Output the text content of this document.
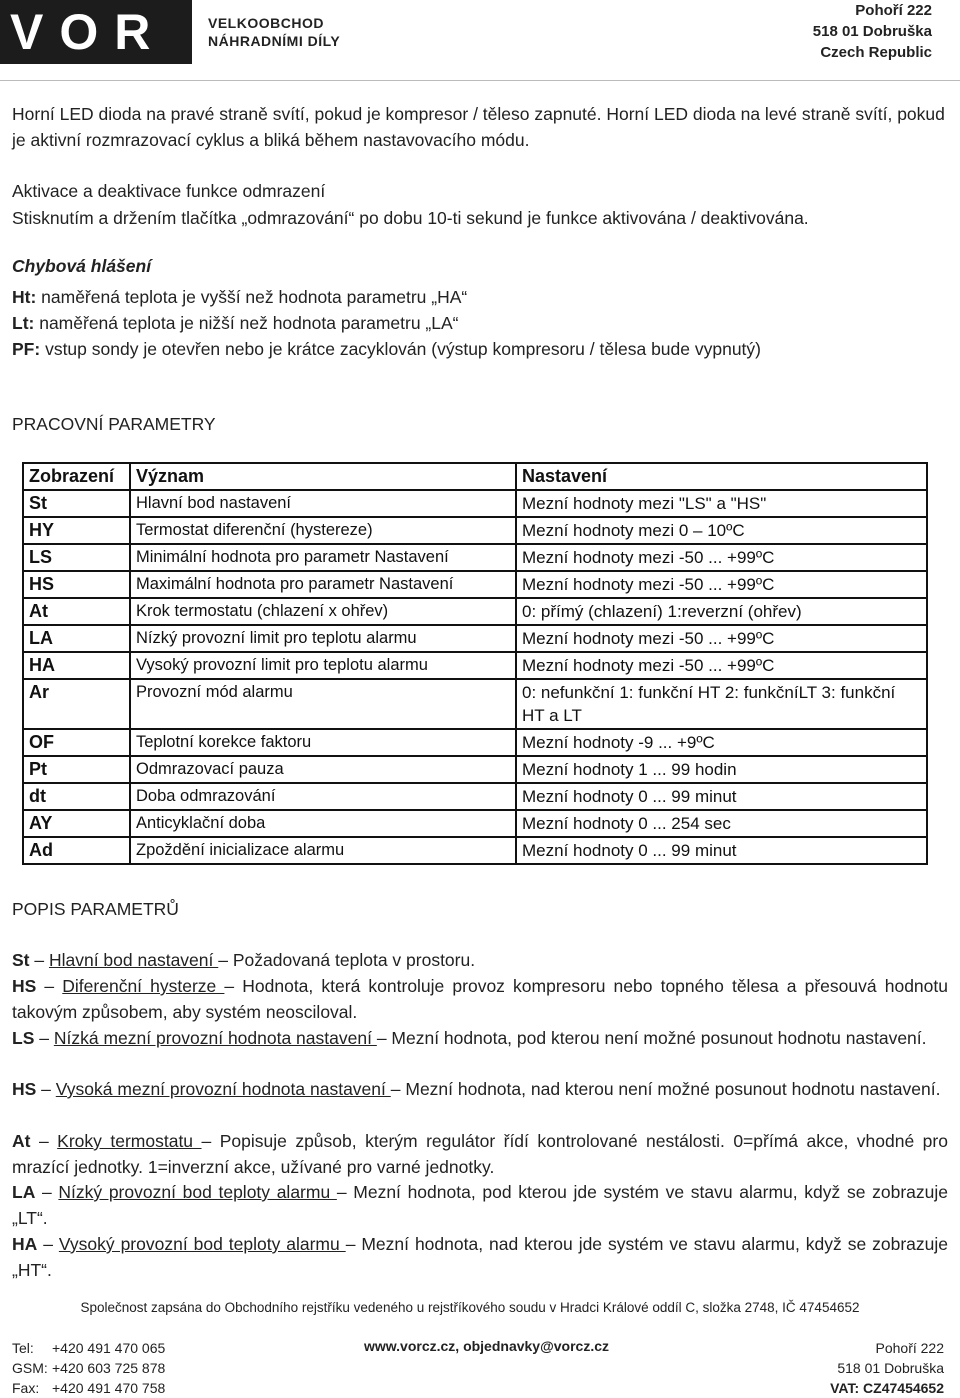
VOR	VELKOOBCHOD
NÁHRADNÍMI DÍLY
Pohoří 222
518 01 Dobruška
Czech Republic
Horní LED dioda na pravé straně svítí, pokud je kompresor / těleso zapnuté. Horní LED dioda na levé straně svítí, pokud je aktivní rozmrazovací cyklus a bliká během nastavovacího módu.
Aktivace a deaktivace funkce odmrazení
Stisknutím a držením tlačítka „odmrazování“ po dobu 10-ti sekund je funkce aktivována / deaktivována.
Chybová hlášení
Ht: naměřená teplota je vyšší než hodnota parametru „HA“
Lt: naměřená teplota je nižší než hodnota parametru „LA“
PF: vstup sondy je otevřen nebo je krátce zacyklován (výstup kompresoru / tělesa bude vypnutý)
PRACOVNÍ PARAMETRY
Zobrazení	Význam	Nastavení
St	Hlavní bod nastavení	Mezní hodnoty mezi "LS" a "HS"
HY	Termostat diferenční (hystereze)	Mezní hodnoty mezi 0 – 10ºC
LS	Minimální hodnota pro parametr Nastavení	Mezní hodnoty mezi -50 ... +99ºC
HS	Maximální hodnota pro parametr Nastavení	Mezní hodnoty mezi -50 ... +99ºC
At	Krok termostatu (chlazení x ohřev)	0: přímý (chlazení) 1:reverzní (ohřev)
LA	Nízký provozní limit pro teplotu alarmu	Mezní hodnoty mezi -50 ... +99ºC
HA	Vysoký provozní limit pro teplotu alarmu	Mezní hodnoty mezi -50 ... +99ºC
Ar	Provozní mód alarmu	0: nefunkční 1: funkční HT 2: funkčníLT 3: funkční HT a LT
OF	Teplotní korekce faktoru	Mezní hodnoty -9 ... +9ºC
Pt	Odmrazovací pauza	Mezní hodnoty 1 ... 99 hodin
dt	Doba odmrazování	Mezní hodnoty 0 ... 99 minut
AY	Anticyklační doba	Mezní hodnoty 0 ... 254 sec
Ad	Zpoždění inicializace alarmu	Mezní hodnoty 0 ... 99 minut
POPIS PARAMETRŮ
St – Hlavní bod nastavení – Požadovaná teplota v prostoru.
HS – Diferenční hysterze – Hodnota, která kontroluje provoz kompresoru nebo topného tělesa a přesouvá hodnotu takovým způsobem, aby systém neosciloval.
LS – Nízká mezní provozní hodnota nastavení – Mezní hodnota, pod kterou není možné posunout hodnotu nastavení.
HS – Vysoká mezní provozní hodnota nastavení – Mezní hodnota, nad kterou není možné posunout hodnotu nastavení.
At – Kroky termostatu – Popisuje způsob, kterým regulátor řídí kontrolované nestálosti. 0=přímá akce, vhodné pro mrazící jednotky. 1=inverzní akce, užívané pro varné jednotky.
LA – Nízký provozní bod teploty alarmu – Mezní hodnota, pod kterou jde systém ve stavu alarmu, když se zobrazuje „LT“.
HA – Vysoký provozní bod teploty alarmu – Mezní hodnota, nad kterou jde systém ve stavu alarmu, když se zobrazuje „HT“.
Společnost zapsána do Obchodního rejstříku vedeného u rejstříkového soudu v Hradci Králové oddíl C, složka 2748, IČ 47454652
Tel: +420 491 470 065
GSM: +420 603 725 878
Fax: +420 491 470 758
www.vorcz.cz, objednavky@vorcz.cz	Pohoří 222
518 01 Dobruška
VAT: CZ47454652
